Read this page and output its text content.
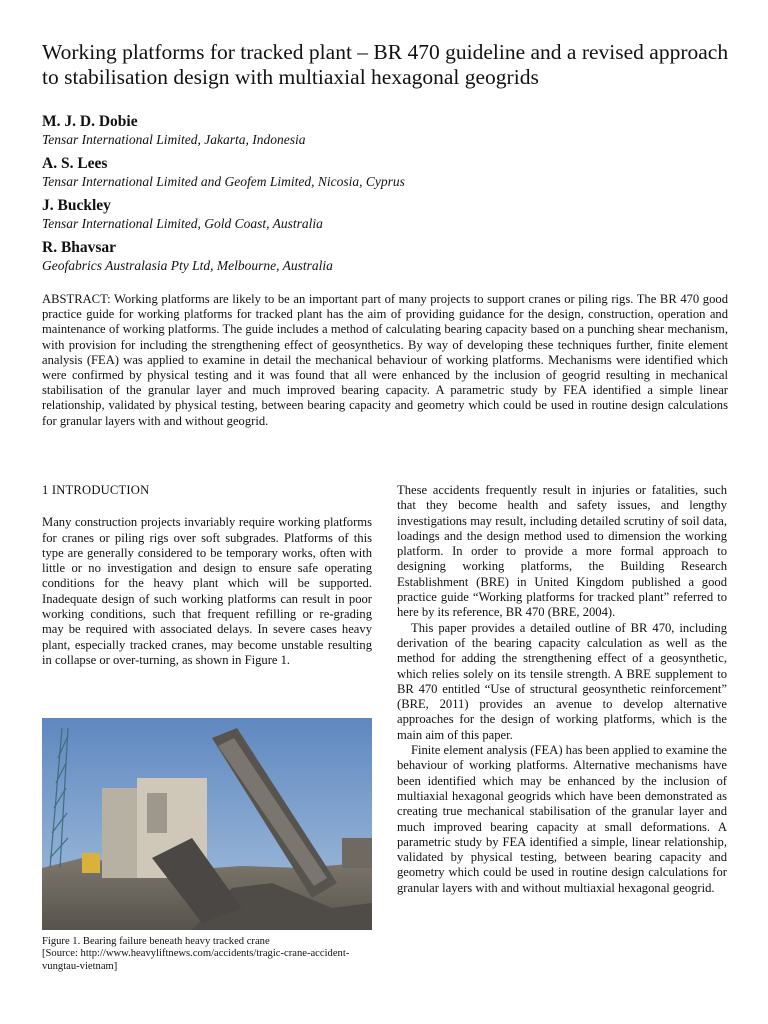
Working platforms for tracked plant – BR 470 guideline and a revised approach to stabilisation design with multiaxial hexagonal geogrids
M. J. D. Dobie
Tensar International Limited, Jakarta, Indonesia
A. S. Lees
Tensar International Limited and Geofem Limited, Nicosia, Cyprus
J. Buckley
Tensar International Limited, Gold Coast, Australia
R. Bhavsar
Geofabrics Australasia Pty Ltd, Melbourne, Australia

ABSTRACT: Working platforms are likely to be an important part of many projects to support cranes or piling rigs. The BR 470 good practice guide for working platforms for tracked plant has the aim of providing guidance for the design, construction, operation and maintenance of working platforms. The guide includes a method of calculating bearing capacity based on a punching shear mechanism, with provision for including the strengthening effect of geosynthetics. By way of developing these techniques further, finite element analysis (FEA) was applied to examine in detail the mechanical behaviour of working platforms. Mechanisms were identified which were confirmed by physical testing and it was found that all were enhanced by the inclusion of geogrid resulting in mechanical stabilisation of the granular layer and much improved bearing capacity. A parametric study by FEA identified a simple linear relationship, validated by physical testing, between bearing capacity and geometry which could be used in routine design calculations for granular layers with and without geogrid.

1 INTRODUCTION

Many construction projects invariably require working platforms for cranes or piling rigs over soft subgrades. Platforms of this type are generally considered to be temporary works, often with little or no investigation and design to ensure safe operating conditions for the heavy plant which will be supported. Inadequate design of such working platforms can result in poor working conditions, such that frequent refilling or re-grading may be required with associated delays. In severe cases heavy plant, especially tracked cranes, may become unstable resulting in collapse or over-turning, as shown in Figure 1.

Figure 1. Bearing failure beneath heavy tracked crane

[Source: http://www.heavyliftnews.com/accidents/tragic-crane-accident-vungtau-vietnam]

These accidents frequently result in injuries or fatalities, such that they become health and safety issues, and lengthy investigations may result, including detailed scrutiny of soil data, loadings and the design method used to dimension the working platform. In order to provide a more formal approach to designing working platforms, the Building Research Establishment (BRE) in United Kingdom published a good practice guide “Working platforms for tracked plant” referred to here by its reference, BR 470 (BRE, 2004).

This paper provides a detailed outline of BR 470, including derivation of the bearing capacity calculation as well as the method for adding the strengthening effect of a geosynthetic, which relies solely on its tensile strength. A BRE supplement to BR 470 entitled “Use of structural geosynthetic reinforcement” (BRE, 2011) provides an avenue to develop alternative approaches for the design of working platforms, which is the main aim of this paper.

Finite element analysis (FEA) has been applied to examine the behaviour of working platforms. Alternative mechanisms have been identified which may be enhanced by the inclusion of multiaxial hexagonal geogrids which have been demonstrated as creating true mechanical stabilisation of the granular layer and much improved bearing capacity at small deformations. A parametric study by FEA identified a simple, linear relationship, validated by physical testing, between bearing capacity and geometry which could be used in routine design calculations for granular layers with and without multiaxial hexagonal geogrid.
